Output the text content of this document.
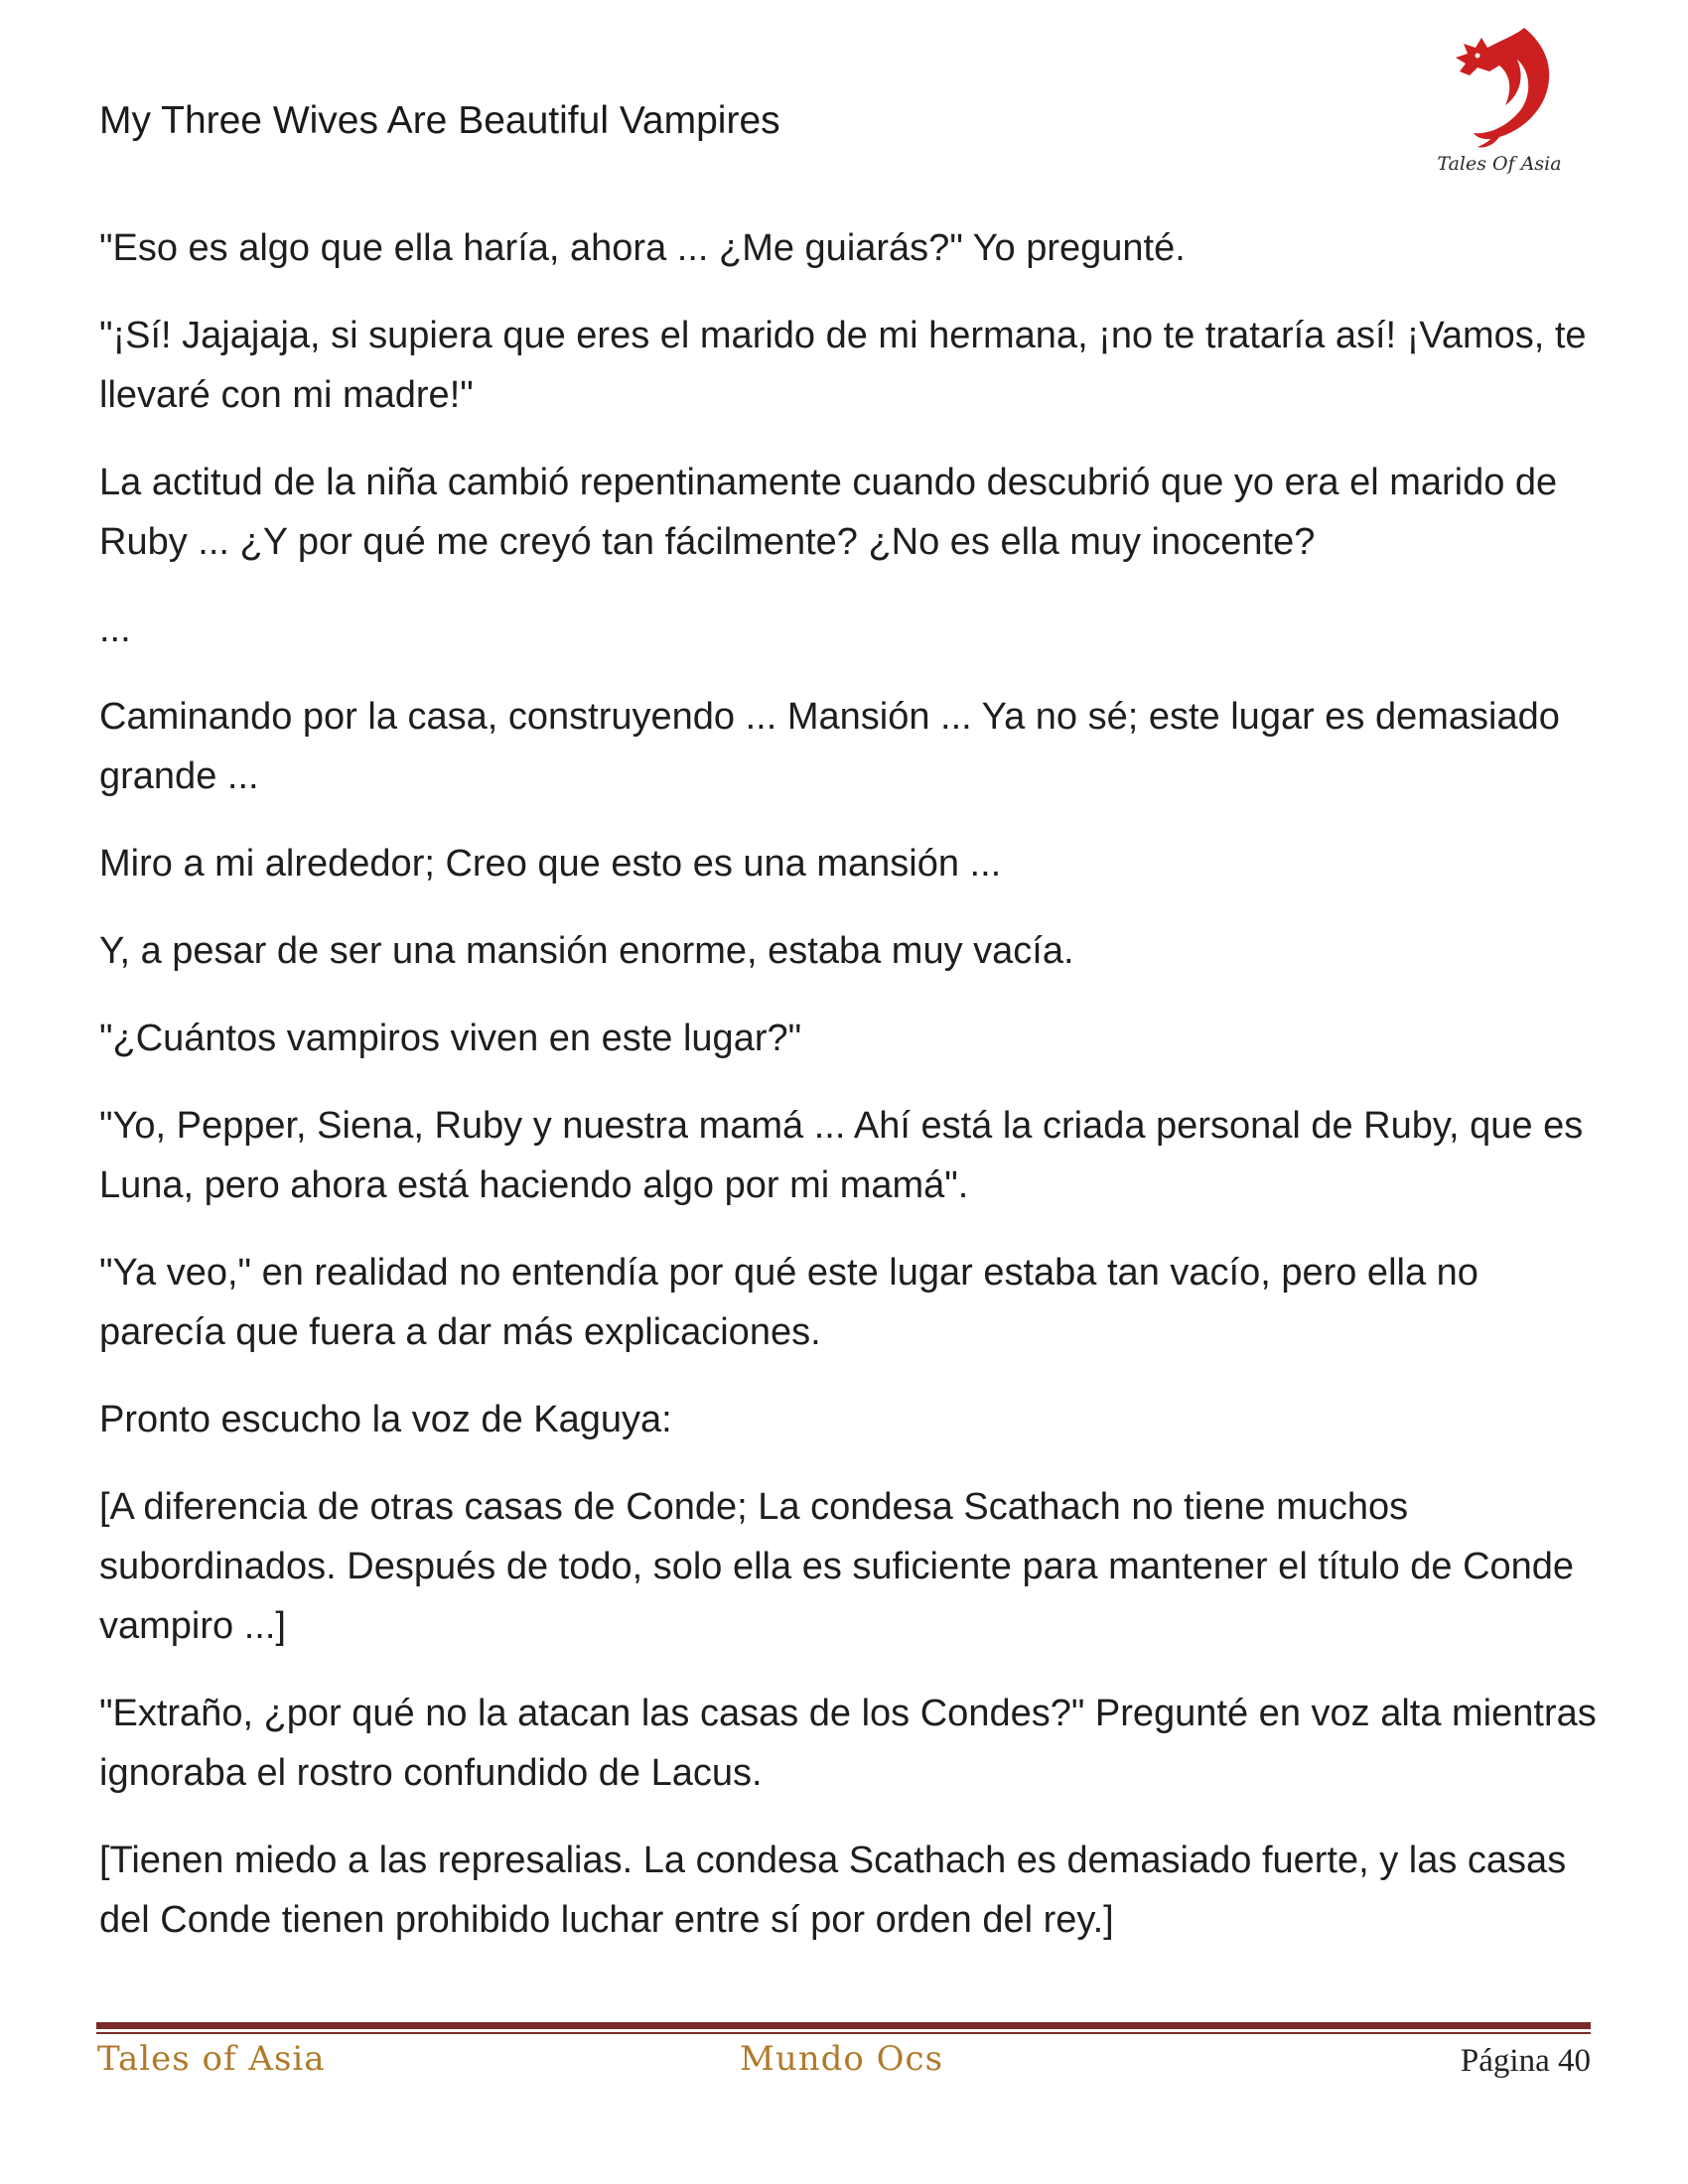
My Three Wives Are Beautiful Vampires
Tales Of Asia

"Eso es algo que ella haría, ahora ... ¿Me guiarás?" Yo pregunté.

"¡Sí! Jajajaja, si supiera que eres el marido de mi hermana, ¡no te trataría así! ¡Vamos, te llevaré con mi madre!"

La actitud de la niña cambió repentinamente cuando descubrió que yo era el marido de Ruby ... ¿Y por qué me creyó tan fácilmente? ¿No es ella muy inocente?

...

Caminando por la casa, construyendo ... Mansión ... Ya no sé; este lugar es demasiado grande ...

Miro a mi alrededor; Creo que esto es una mansión ...

Y, a pesar de ser una mansión enorme, estaba muy vacía.

"¿Cuántos vampiros viven en este lugar?"

"Yo, Pepper, Siena, Ruby y nuestra mamá ... Ahí está la criada personal de Ruby, que es Luna, pero ahora está haciendo algo por mi mamá".

"Ya veo," en realidad no entendía por qué este lugar estaba tan vacío, pero ella no parecía que fuera a dar más explicaciones.

Pronto escucho la voz de Kaguya:

[A diferencia de otras casas de Conde; La condesa Scathach no tiene muchos subordinados. Después de todo, solo ella es suficiente para mantener el título de Conde vampiro ...]

"Extraño, ¿por qué no la atacan las casas de los Condes?" Pregunté en voz alta mientras ignoraba el rostro confundido de Lacus.

[Tienen miedo a las represalias. La condesa Scathach es demasiado fuerte, y las casas del Conde tienen prohibido luchar entre sí por orden del rey.]

Tales of Asia	Mundo Ocs	Página 40
